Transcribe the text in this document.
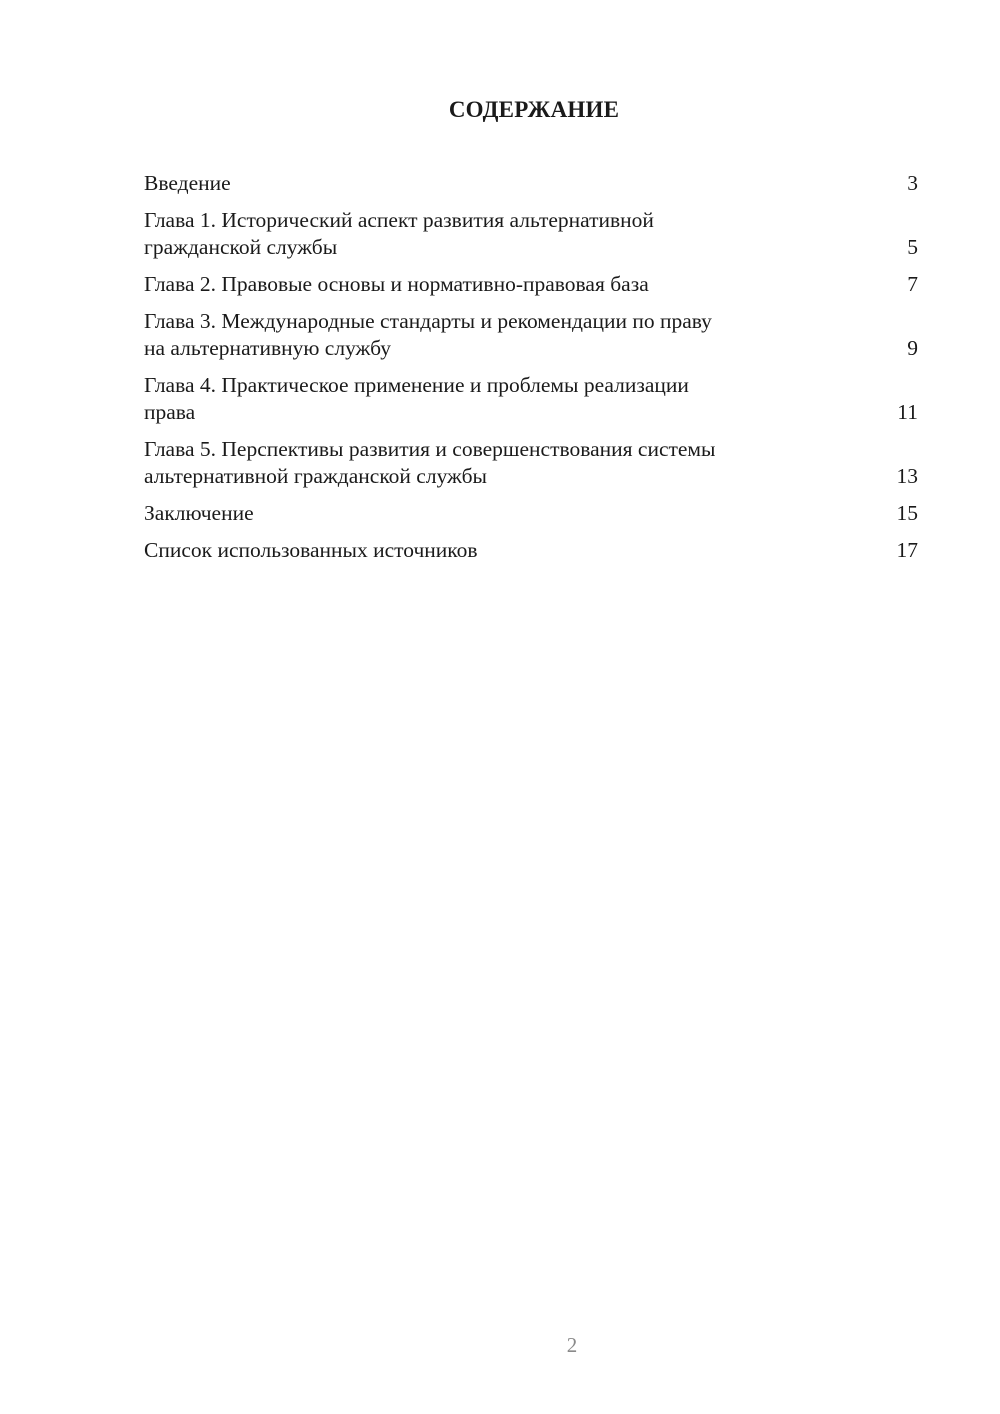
СОДЕРЖАНИЕ
Введение	3
Глава 1. Исторический аспект развития альтернативной
гражданской службы	5
Глава 2. Правовые основы и нормативно-правовая база	7
Глава 3. Международные стандарты и рекомендации по праву
на альтернативную службу	9
Глава 4. Практическое применение и проблемы реализации
права	11
Глава 5. Перспективы развития и совершенствования системы
альтернативной гражданской службы	13
Заключение	15
Список использованных источников	17
2
